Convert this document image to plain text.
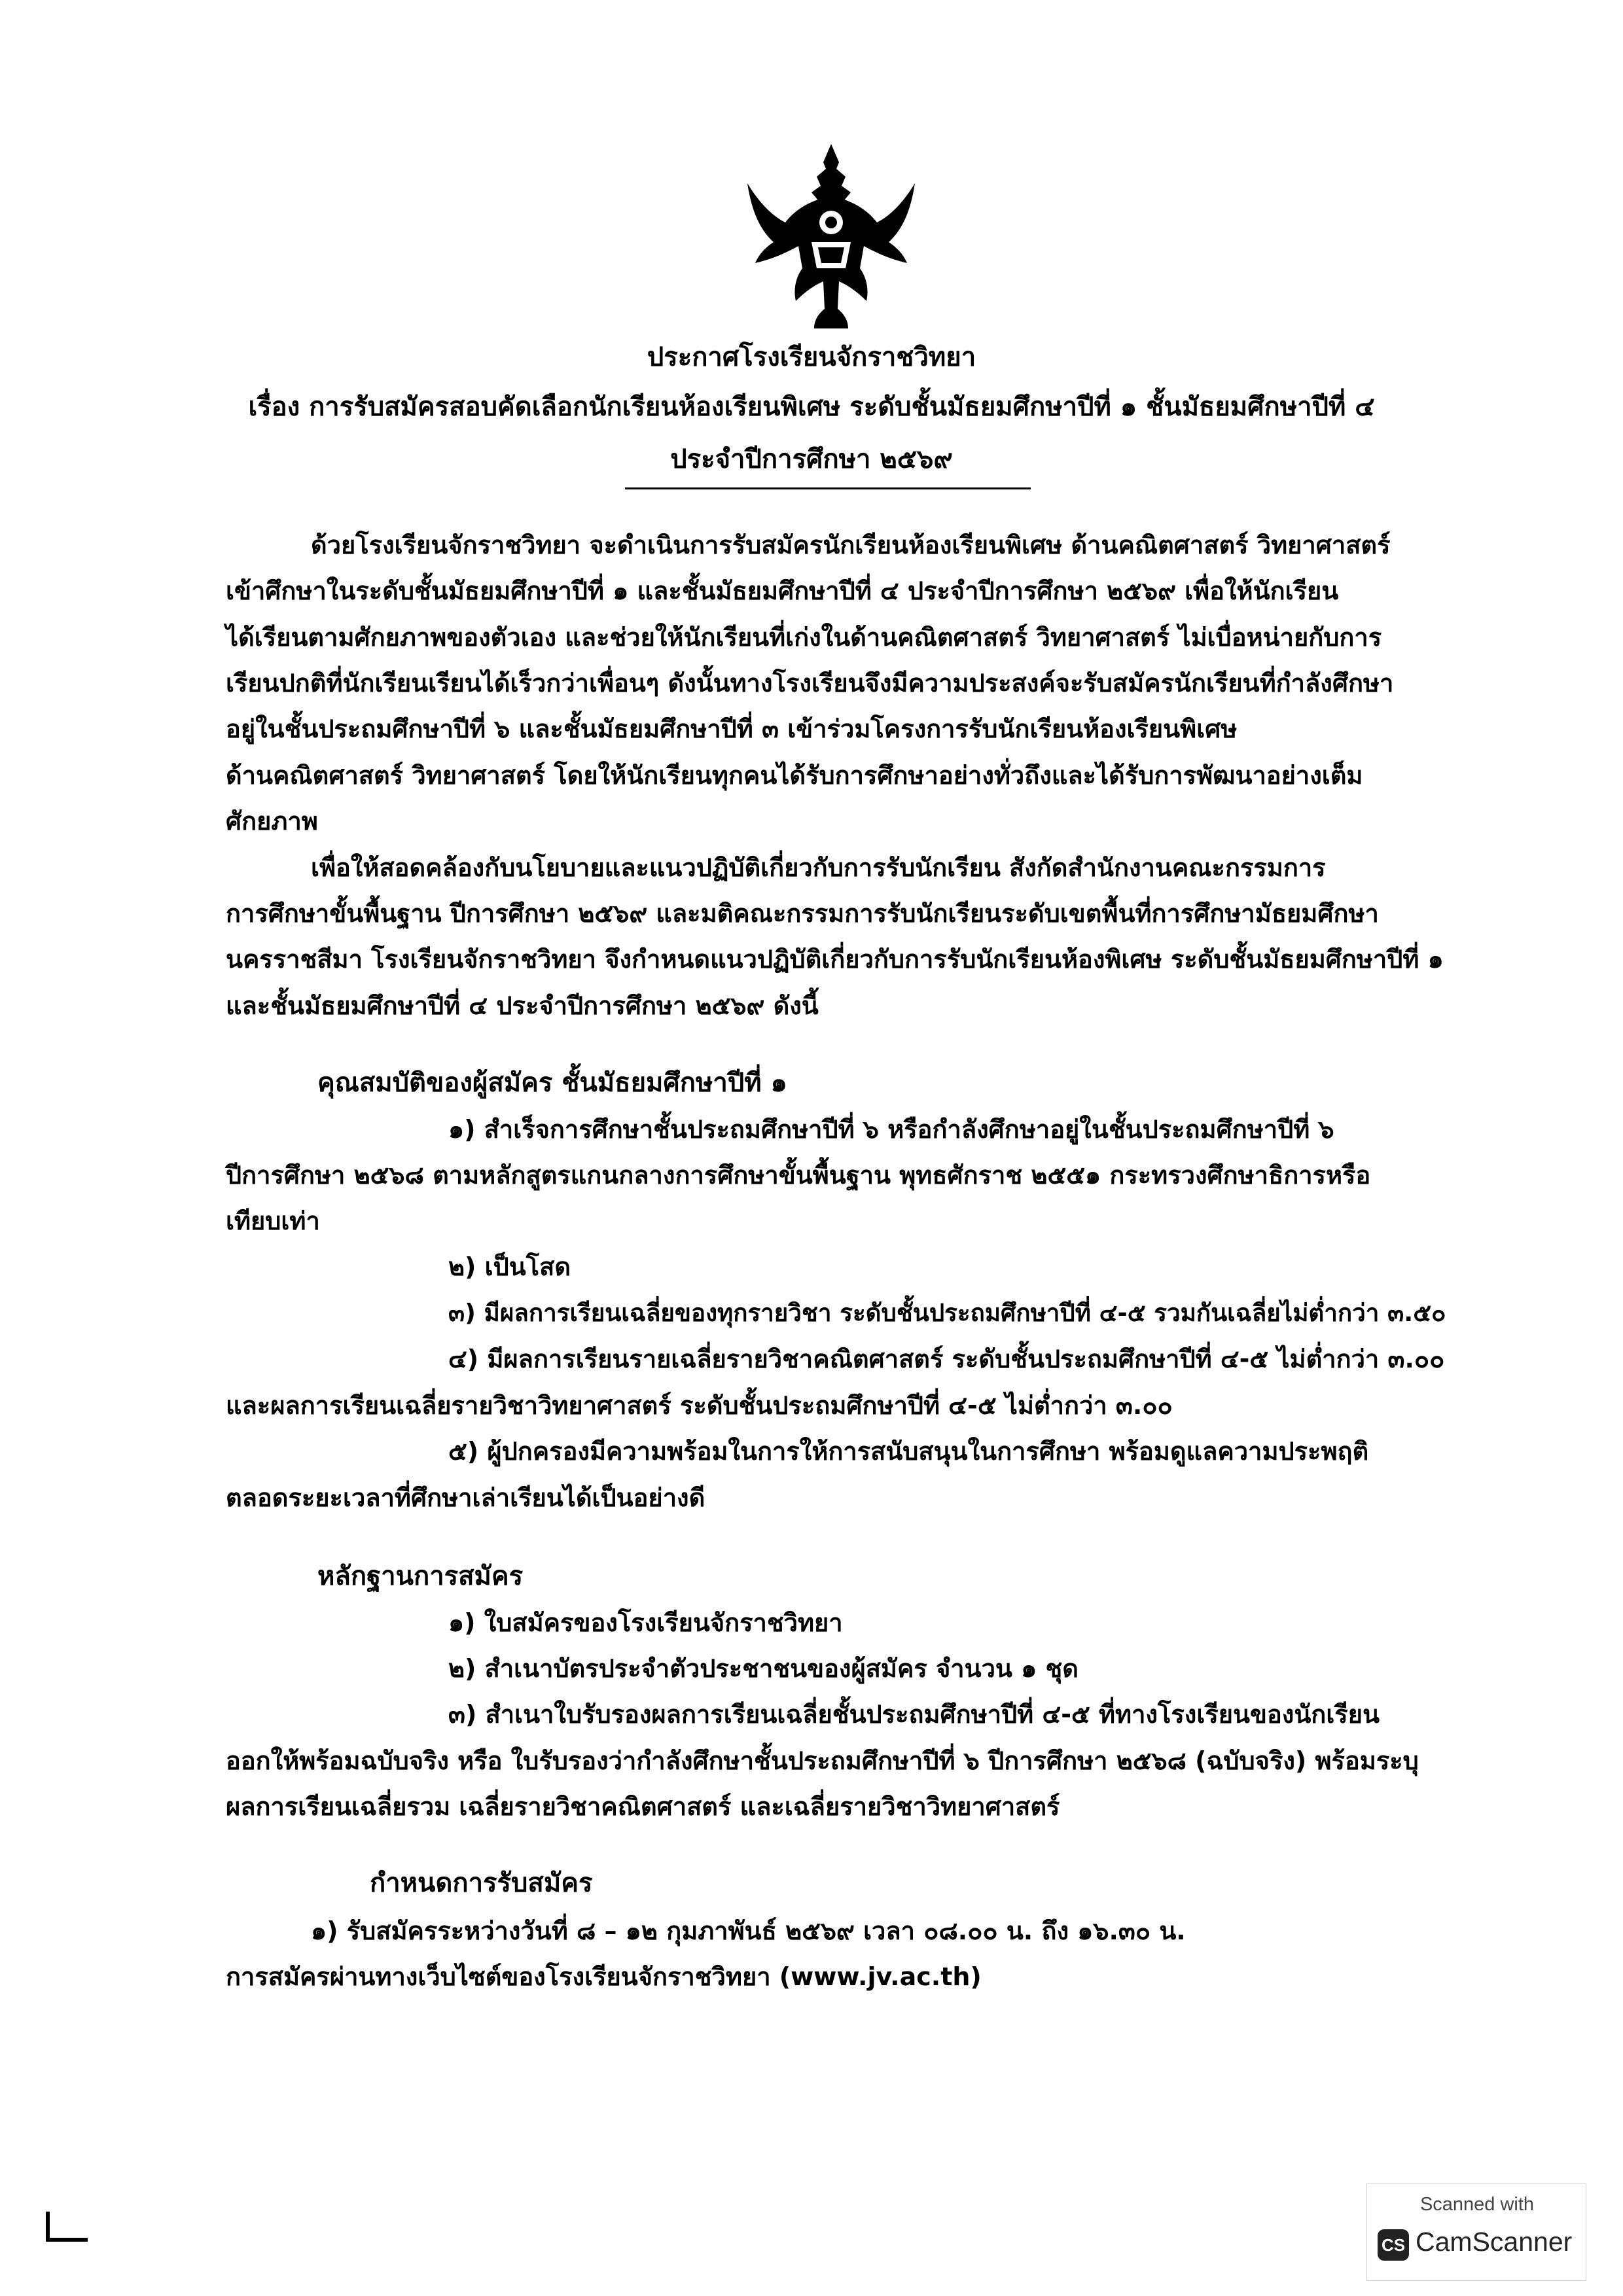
ประกาศโรงเรียนจักราชวิทยา
เรื่อง การรับสมัครสอบคัดเลือกนักเรียนห้องเรียนพิเศษ ระดับชั้นมัธยมศึกษาปีที่ ๑ ชั้นมัธยมศึกษาปีที่ ๔
ประจำปีการศึกษา ๒๕๖๙
ด้วยโรงเรียนจักราชวิทยา จะดำเนินการรับสมัครนักเรียนห้องเรียนพิเศษ ด้านคณิตศาสตร์ วิทยาศาสตร์
เข้าศึกษาในระดับชั้นมัธยมศึกษาปีที่ ๑ และชั้นมัธยมศึกษาปีที่ ๔ ประจำปีการศึกษา ๒๕๖๙ เพื่อให้นักเรียน
ได้เรียนตามศักยภาพของตัวเอง และช่วยให้นักเรียนที่เก่งในด้านคณิตศาสตร์ วิทยาศาสตร์ ไม่เบื่อหน่ายกับการ
เรียนปกติที่นักเรียนเรียนได้เร็วกว่าเพื่อนๆ ดังนั้นทางโรงเรียนจึงมีความประสงค์จะรับสมัครนักเรียนที่กำลังศึกษา
อยู่ในชั้นประถมศึกษาปีที่ ๖ และชั้นมัธยมศึกษาปีที่ ๓ เข้าร่วมโครงการรับนักเรียนห้องเรียนพิเศษ
ด้านคณิตศาสตร์ วิทยาศาสตร์ โดยให้นักเรียนทุกคนได้รับการศึกษาอย่างทั่วถึงและได้รับการพัฒนาอย่างเต็ม
ศักยภาพ
เพื่อให้สอดคล้องกับนโยบายและแนวปฏิบัติเกี่ยวกับการรับนักเรียน สังกัดสำนักงานคณะกรรมการ
การศึกษาขั้นพื้นฐาน ปีการศึกษา ๒๕๖๙ และมติคณะกรรมการรับนักเรียนระดับเขตพื้นที่การศึกษามัธยมศึกษา
นครราชสีมา โรงเรียนจักราชวิทยา จึงกำหนดแนวปฏิบัติเกี่ยวกับการรับนักเรียนห้องพิเศษ ระดับชั้นมัธยมศึกษาปีที่ ๑
และชั้นมัธยมศึกษาปีที่ ๔ ประจำปีการศึกษา ๒๕๖๙ ดังนี้
คุณสมบัติของผู้สมัคร ชั้นมัธยมศึกษาปีที่ ๑
๑) สำเร็จการศึกษาชั้นประถมศึกษาปีที่ ๖ หรือกำลังศึกษาอยู่ในชั้นประถมศึกษาปีที่ ๖
ปีการศึกษา ๒๕๖๘ ตามหลักสูตรแกนกลางการศึกษาขั้นพื้นฐาน พุทธศักราช ๒๕๕๑ กระทรวงศึกษาธิการหรือ
เทียบเท่า
๒) เป็นโสด
๓) มีผลการเรียนเฉลี่ยของทุกรายวิชา ระดับชั้นประถมศึกษาปีที่ ๔-๕ รวมกันเฉลี่ยไม่ต่ำกว่า ๓.๕๐
๔) มีผลการเรียนรายเฉลี่ยรายวิชาคณิตศาสตร์ ระดับชั้นประถมศึกษาปีที่ ๔-๕ ไม่ต่ำกว่า ๓.๐๐
และผลการเรียนเฉลี่ยรายวิชาวิทยาศาสตร์ ระดับชั้นประถมศึกษาปีที่ ๔-๕ ไม่ต่ำกว่า ๓.๐๐
๕) ผู้ปกครองมีความพร้อมในการให้การสนับสนุนในการศึกษา พร้อมดูแลความประพฤติ
ตลอดระยะเวลาที่ศึกษาเล่าเรียนได้เป็นอย่างดี
หลักฐานการสมัคร
๑) ใบสมัครของโรงเรียนจักราชวิทยา
๒) สำเนาบัตรประจำตัวประชาชนของผู้สมัคร จำนวน ๑ ชุด
๓) สำเนาใบรับรองผลการเรียนเฉลี่ยชั้นประถมศึกษาปีที่ ๔-๕ ที่ทางโรงเรียนของนักเรียน
ออกให้พร้อมฉบับจริง หรือ ใบรับรองว่ากำลังศึกษาชั้นประถมศึกษาปีที่ ๖ ปีการศึกษา ๒๕๖๘ (ฉบับจริง) พร้อมระบุ
ผลการเรียนเฉลี่ยรวม เฉลี่ยรายวิชาคณิตศาสตร์ และเฉลี่ยรายวิชาวิทยาศาสตร์
กำหนดการรับสมัคร
๑) รับสมัครระหว่างวันที่ ๘ – ๑๒ กุมภาพันธ์ ๒๕๖๙ เวลา ๐๘.๐๐ น. ถึง ๑๖.๓๐ น.
การสมัครผ่านทางเว็บไซต์ของโรงเรียนจักราชวิทยา (www.jv.ac.th)
Scanned with
CS CamScanner
